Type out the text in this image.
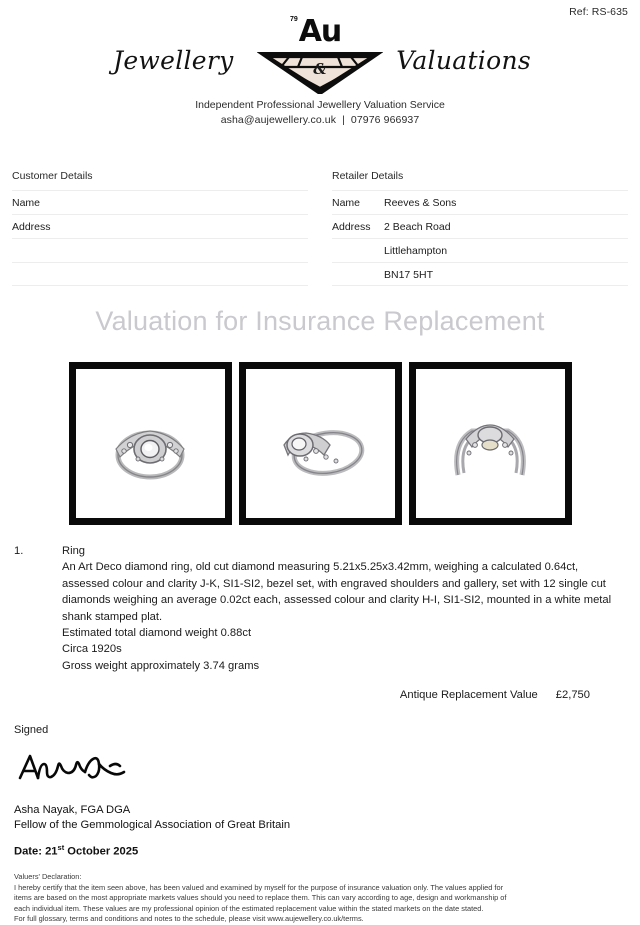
Ref: RS-635
Jewellery
79 Au
&	Valuations
Independent Professional Jewellery Valuation Service
asha@aujewellery.co.uk | 07976 966937
Customer Details
Name
Address
Retailer Details
Name	Reeves & Sons
Address	2 Beach Road
Littlehampton
BN17 5HT
Valuation for Insurance Replacement
1.	Ring

An Art Deco diamond ring, old cut diamond measuring 5.21x5.25x3.42mm, weighing a calculated 0.64ct, assessed colour and clarity J-K, SI1-SI2, bezel set, with engraved shoulders and gallery, set with 12 single cut diamonds weighing an average 0.02ct each, assessed colour and clarity H-I, SI1-SI2, mounted in a white metal shank stamped plat.

Estimated total diamond weight 0.88ct

Circa 1920s

Gross weight approximately 3.74 grams

Antique Replacement Value £2,750
Signed
Asha Nayak, FGA DGA
Fellow of the Gemmological Association of Great Britain
Date: 21st October 2025
Valuers' Declaration:

I hereby certify that the item seen above, has been valued and examined by myself for the purpose of insurance valuation only. The values applied for

items are based on the most appropriate markets values should you need to replace them. This can vary according to age, design and workmanship of

each individual item. These values are my professional opinion of the estimated replacement value within the stated markets on the date stated.

For full glossary, terms and conditions and notes to the schedule, please visit www.aujewellery.co.uk/terms.
